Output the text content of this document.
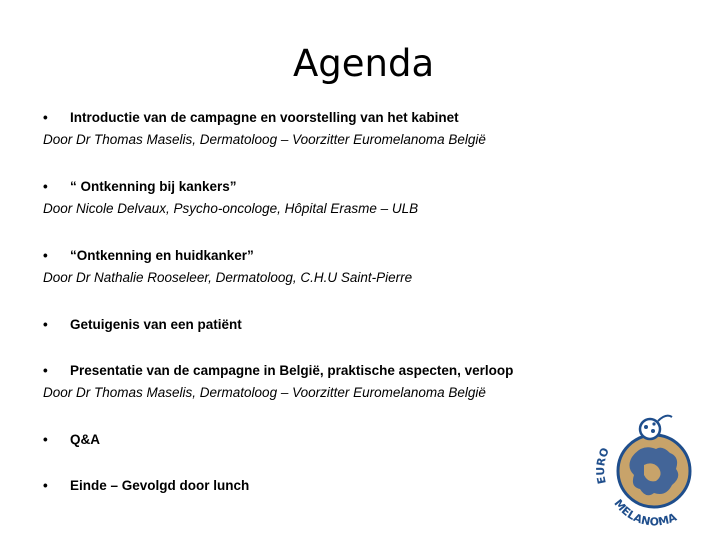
Agenda
• Introductie van de campagne en voorstelling van het kabinet
Door Dr Thomas Maselis, Dermatoloog – Voorzitter Euromelanoma België
• “ Ontkenning bij kankers”
Door Nicole Delvaux, Psycho-oncologe, Hôpital Erasme – ULB
• “Ontkenning en huidkanker”
Door Dr Nathalie Rooseleer, Dermatoloog, C.H.U Saint-Pierre
• Getuigenis van een patiënt
• Presentatie van de campagne in België, praktische aspecten, verloop
Door Dr Thomas Maselis, Dermatoloog – Voorzitter Euromelanoma België
• Q&A
• Einde – Gevolgd door lunch	EURO
MELANOMA
